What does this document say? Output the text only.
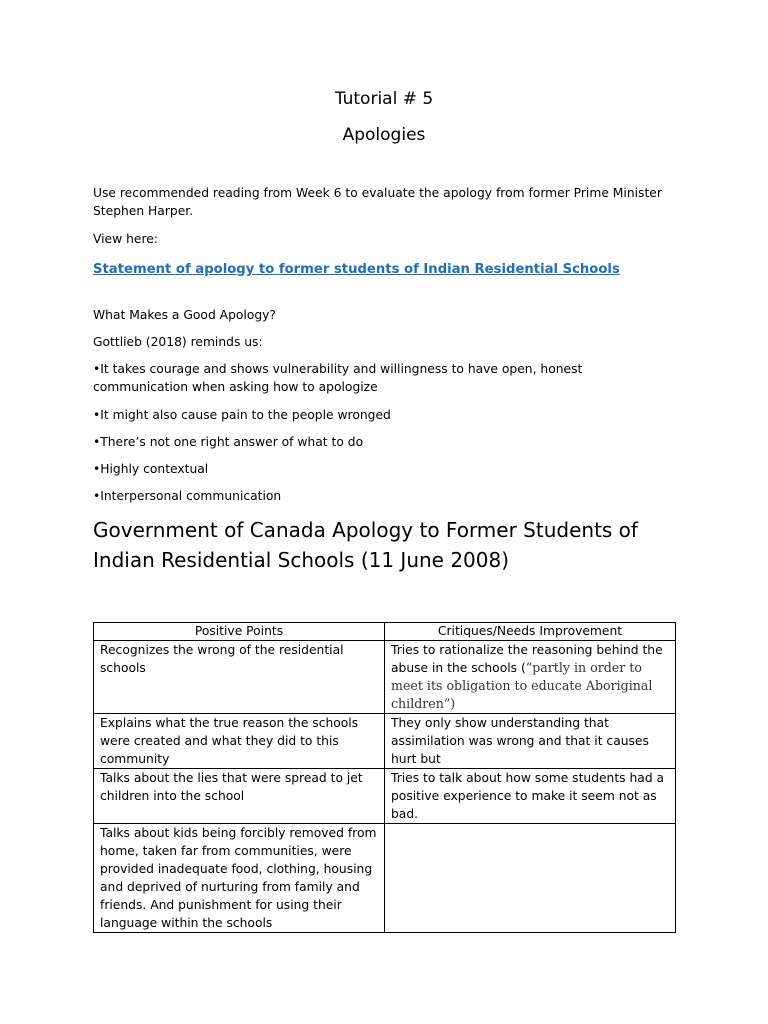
Tutorial # 5
Apologies
Use recommended reading from Week 6 to evaluate the apology from former Prime Minister Stephen Harper.
View here:
Statement of apology to former students of Indian Residential Schools
What Makes a Good Apology?
Gottlieb (2018) reminds us:
•It takes courage and shows vulnerability and willingness to have open, honest communication when asking how to apologize
•It might also cause pain to the people wronged
•There’s not one right answer of what to do
•Highly contextual
•Interpersonal communication
Government of Canada Apology to Former Students of Indian Residential Schools (11 June 2008)
Positive Points	Critiques/Needs Improvement
Recognizes the wrong of the residential schools	Tries to rationalize the reasoning behind the abuse in the schools (“partly in order to meet its obligation to educate Aboriginal children”)
Explains what the true reason the schools were created and what they did to this community	They only show understanding that assimilation was wrong and that it causes hurt but
Talks about the lies that were spread to jet children into the school	Tries to talk about how some students had a positive experience to make it seem not as bad.
Talks about kids being forcibly removed from home, taken far from communities, were provided inadequate food, clothing, housing and deprived of nurturing from family and friends. And punishment for using their language within the schools	
